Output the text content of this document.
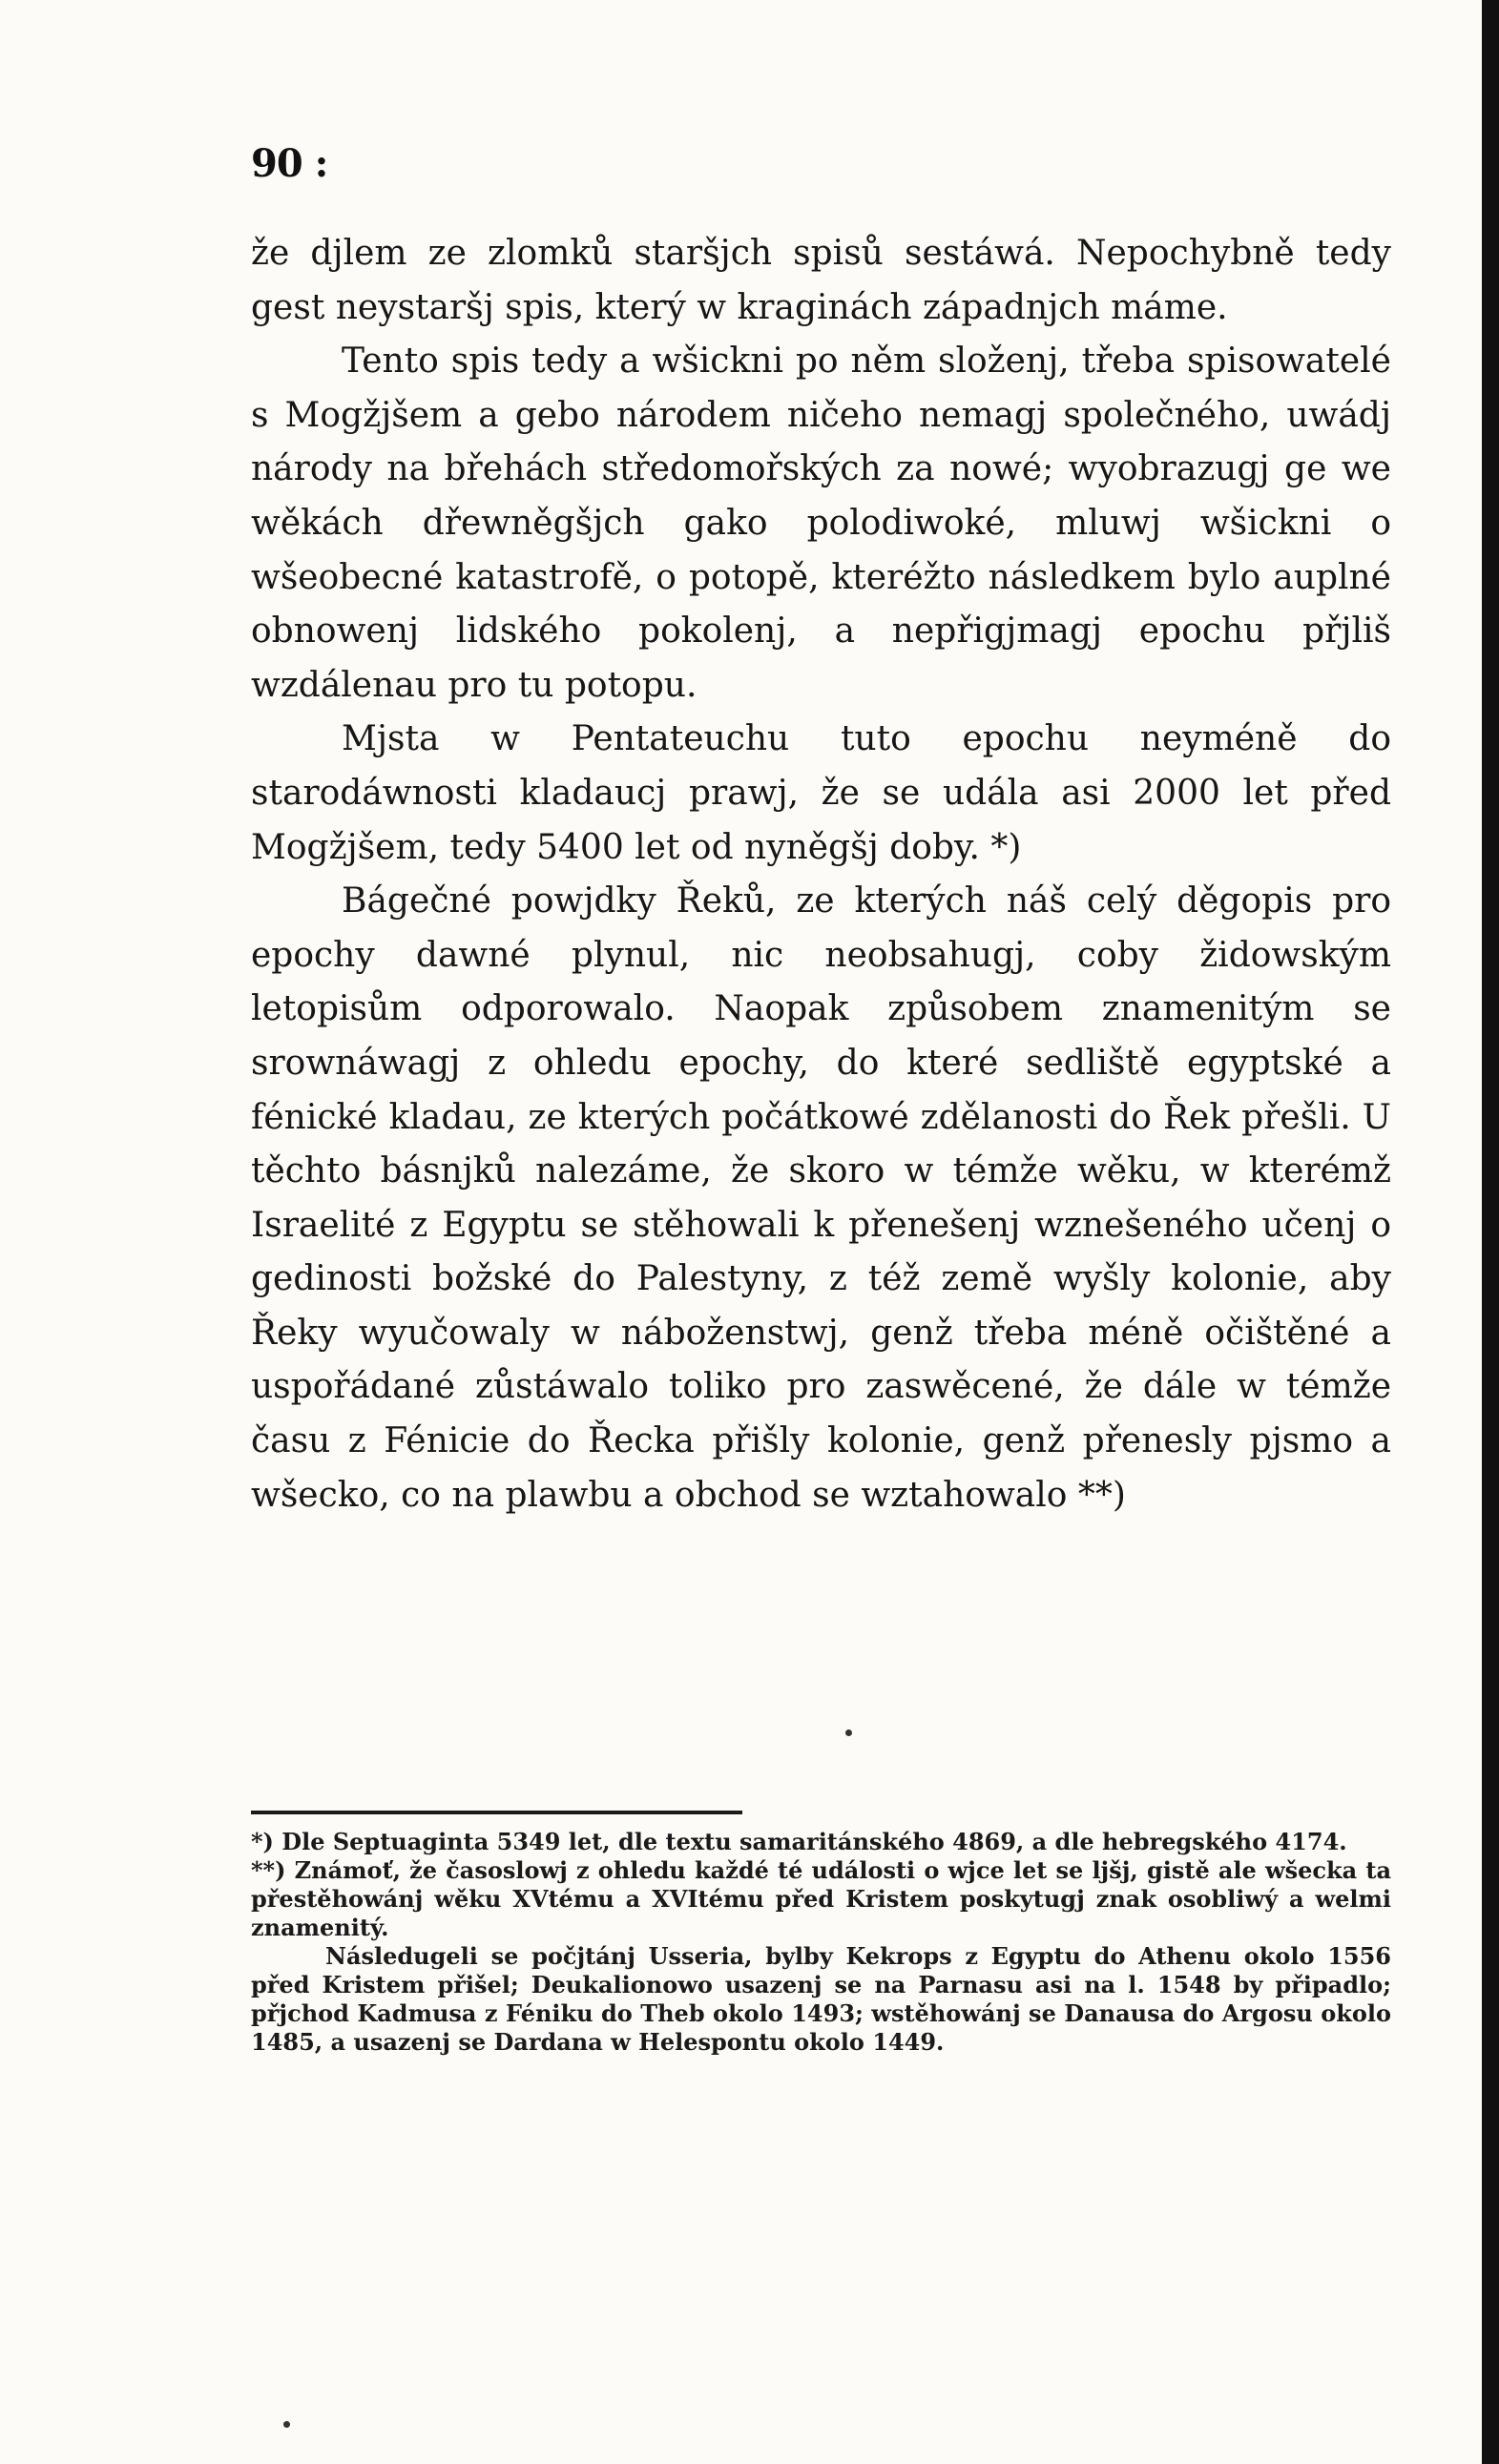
90 :

že djlem ze zlomků staršjch spisů sestáwá. Nepochybně tedy gest neystaršj spis, který w kraginách západnjch máme.

Tento spis tedy a wšickni po něm složenj, třeba spisowatelé s Mogžjšem a gebo národem ničeho nemagj společného, uwádj národy na břehách středomořských za nowé; wyobrazugj ge we wěkách dřewněgšjch gako polodiwoké, mluwj wšickni o wšeobecné katastrofě, o potopě, kteréžto následkem bylo auplné obnowenj lidského pokolenj, a nepřigjmagj epochu přjliš wzdálenau pro tu potopu.

Mjsta w Pentateuchu tuto epochu neyméně do starodáwnosti kladaucj prawj, že se udála asi 2000 let před Mogžjšem, tedy 5400 let od nyněgšj doby. *)

Bágečné powjdky Řeků, ze kterých náš celý děgopis pro epochy dawné plynul, nic neobsahugj, coby židowským letopisům odporowalo. Naopak způsobem znamenitým se srownáwagj z ohledu epochy, do které sedliště egyptské a fénické kladau, ze kterých počátkowé zdělanosti do Řek přešli. U těchto básnjků nalezáme, že skoro w témže wěku, w kterémž Israelité z Egyptu se stěhowali k přenešenj wznešeného učenj o gedinosti božské do Palestyny, z též země wyšly kolonie, aby Řeky wyučowaly w náboženstwj, genž třeba méně očištěné a uspořádané zůstáwalo toliko pro zaswěcené, že dále w témže času z Fénicie do Řecka přišly kolonie, genž přenesly pjsmo a wšecko, co na plawbu a obchod se wztahowalo **)

*) Dle Septuaginta 5349 let, dle textu samaritánského 4869, a dle hebregského 4174.

**) Známoť, že časoslowj z ohledu každé té události o wjce let se ljšj, gistě ale wšecka ta přestěhowánj wěku XVtému a XVItému před Kristem poskytugj znak osobliwý a welmi znamenitý.

Následugeli se počjtánj Usseria, bylby Kekrops z Egyptu do Athenu okolo 1556 před Kristem přišel; Deukalionowo usazenj se na Parnasu asi na l. 1548 by připadlo; přjchod Kadmusa z Féniku do Theb okolo 1493; wstěhowánj se Danausa do Argosu okolo 1485, a usazenj se Dardana w Helespontu okolo 1449.
